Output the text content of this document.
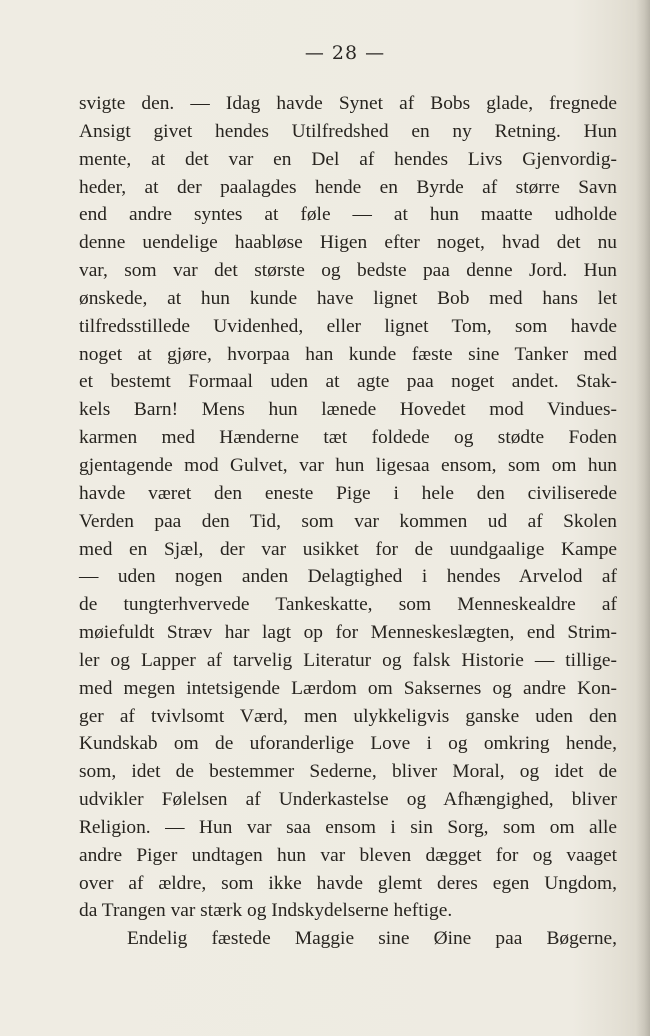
— 28 —
svigte den. — Idag havde Synet af Bobs glade, fregnede
Ansigt givet hendes Utilfredshed en ny Retning. Hun
mente, at det var en Del af hendes Livs Gjenvordig-
heder, at der paalagdes hende en Byrde af større Savn
end andre syntes at føle — at hun maatte udholde
denne uendelige haabløse Higen efter noget, hvad det nu
var, som var det største og bedste paa denne Jord. Hun
ønskede, at hun kunde have lignet Bob med hans let
tilfredsstillede Uvidenhed, eller lignet Tom, som havde
noget at gjøre, hvorpaa han kunde fæste sine Tanker med
et bestemt Formaal uden at agte paa noget andet. Stak-
kels Barn! Mens hun lænede Hovedet mod Vindues-
karmen med Hænderne tæt foldede og stødte Foden
gjentagende mod Gulvet, var hun ligesaa ensom, som om hun
havde været den eneste Pige i hele den civiliserede
Verden paa den Tid, som var kommen ud af Skolen
med en Sjæl, der var usikket for de uundgaalige Kampe
— uden nogen anden Delagtighed i hendes Arvelod af
de tungterhvervede Tankeskatte, som Menneskealdre af
møiefuldt Stræv har lagt op for Menneskeslægten, end Strim-
ler og Lapper af tarvelig Literatur og falsk Historie — tillige-
med megen intetsigende Lærdom om Saksernes og andre Kon-
ger af tvivlsomt Værd, men ulykkeligvis ganske uden den
Kundskab om de uforanderlige Love i og omkring hende,
som, idet de bestemmer Sederne, bliver Moral, og idet de
udvikler Følelsen af Underkastelse og Afhængighed, bliver
Religion. — Hun var saa ensom i sin Sorg, som om alle
andre Piger undtagen hun var bleven dægget for og vaaget
over af ældre, som ikke havde glemt deres egen Ungdom,
da Trangen var stærk og Indskydelserne heftige.
Endelig fæstede Maggie sine Øine paa Bøgerne,
